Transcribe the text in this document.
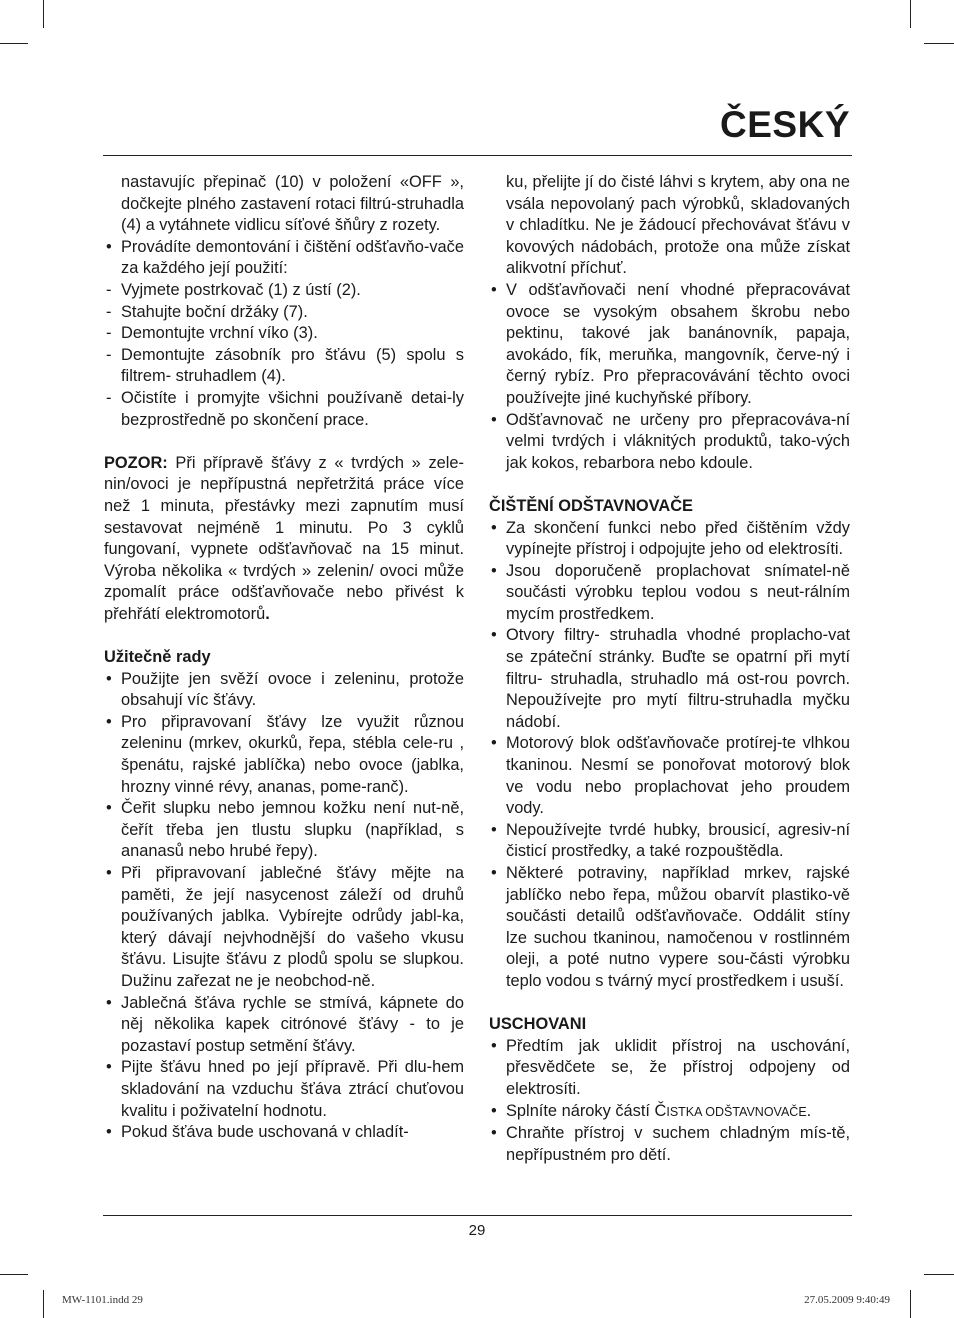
ČESKÝ

nastavujíc přepinač (10) v položení «OFF », dočkejte plného zastavení rotaci filtrú-struhadla (4) a vytáhnete vidlicu síťové šňůry z rozety.

• Provádíte demontování i čištění odšťavňo-vače za každého její použití:
- Vyjmete postrkovač (1) z ústí (2).
- Stahujte boční držáky (7).
- Demontujte vrchní víko (3).
- Demontujte zásobník pro šťávu (5) spolu s filtrem- struhadlem (4).
- Očistíte i promyjte všichni používaně detai-ly bezprostředně po skončení prace.

POZOR: Při přípravě šťávy z « tvrdých » zele-nin/ovoci je nepřípustná nepřetržitá práce více než 1 minuta, přestávky mezi zapnutím musí sestavovat nejméně 1 minutu. Po 3 cyklů fungovaní, vypnete odšťavňovač na 15 minut. Výroba několika « tvrdých » zelenin/ ovoci může zpomalít práce odšťavňovače nebo přivést k přehřátí elektromotorů.

Užitečně rady

• Použijte jen svěží ovoce i zeleninu, protože obsahují víc šťávy.
• Pro připravovaní šťávy lze využit různou zeleninu (mrkev, okurků, řepa, stébla cele-ru , špenátu, rajské jablíčka) nebo ovoce (jablka, hrozny vinné révy, ananas, pome-ranč).
• Čeřit slupku nebo jemnou kožku není nut-ně, čeřít třeba jen tlustu slupku (například, s ananasů nebo hrubé řepy).
• Při připravovaní jablečné šťávy mějte na paměti, že její nasycenost záleží od druhů používaných jablka. Vybírejte odrůdy jabl-ka, který dávají nejvhodnější do vašeho vkusu šťávu. Lisujte šťávu z plodů spolu se slupkou. Dužinu zařezat ne je neobchod-ně.
• Jablečná šťáva rychle se stmívá, kápnete do něj několika kapek citrónové šťávy - to je pozastaví postup setmění šťávy.
• Pijte šťávu hned po její přípravě. Při dlu-hem skladování na vzduchu šťáva ztrácí chuťovou kvalitu i poživatelní hodnotu.
• Pokud šťáva bude uschovaná v chladít-

ku, přelijte jí do čisté láhvi s krytem, aby ona ne vsála nepovolaný pach výrobků, skladovaných v chladítku. Ne je žádoucí přechovávat šťávu v kovových nádobách, protože ona může získat alikvotní příchuť.

• V odšťavňovači není vhodné přepracovávat ovoce se vysokým obsahem škrobu nebo pektinu, takové jak banánovník, papaja, avokádo, fík, meruňka, mangovník, červe-ný i černý rybíz. Pro přepracovávání těchto ovoci používejte jiné kuchyňské příbory.
• Odšťavnovač ne určeny pro přepracováva-ní velmi tvrdých i vláknitých produktů, tako-vých jak kokos, rebarbora nebo kdoule.

ČIŠTĚNÍ ODŠTAVNOVAČE

• Za skončení funkci nebo před čištěním vždy vypínejte přístroj i odpojujte jeho od elektrosíti.
• Jsou doporučeně proplachovat snímatel-ně součásti výrobku teplou vodou s neut-rálním mycím prostředkem.
• Otvory filtry- struhadla vhodné proplacho-vat se zpáteční stránky. Buďte se opatrní při mytí filtru- struhadla, struhadlo má ost-rou povrch. Nepoužívejte pro mytí filtru-struhadla myčku nádobí.
• Motorový blok odšťavňovače protírej-te vlhkou tkaninou. Nesmí se ponořovat motorový blok ve vodu nebo proplachovat jeho proudem vody.
• Nepoužívejte tvrdé hubky, brousicí, agresiv-ní čisticí prostředky, a také rozpouštědla.
• Některé potraviny, například mrkev, rajské jablíčko nebo řepa, můžou obarvít plastiko-vě součásti detailů odšťavňovače. Oddálit stíny lze suchou tkaninou, namočenou v rostlinném oleji, a poté nutno vypere sou-části výrobku teplo vodou s tvárný mycí prostředkem i usuší.

USCHOVANI

• Předtím jak uklidit přístroj na uschování, přesvědčete se, že přístroj odpojeny od elektrosíti.
• Splníte nároky částí ČISTKA ODŠTAVNOVAČE.
• Chraňte přístroj v suchem chladným mís-tě, nepřípustném pro dětí.
29
MW-1101.indd 29	27.05.2009 9:40:49
